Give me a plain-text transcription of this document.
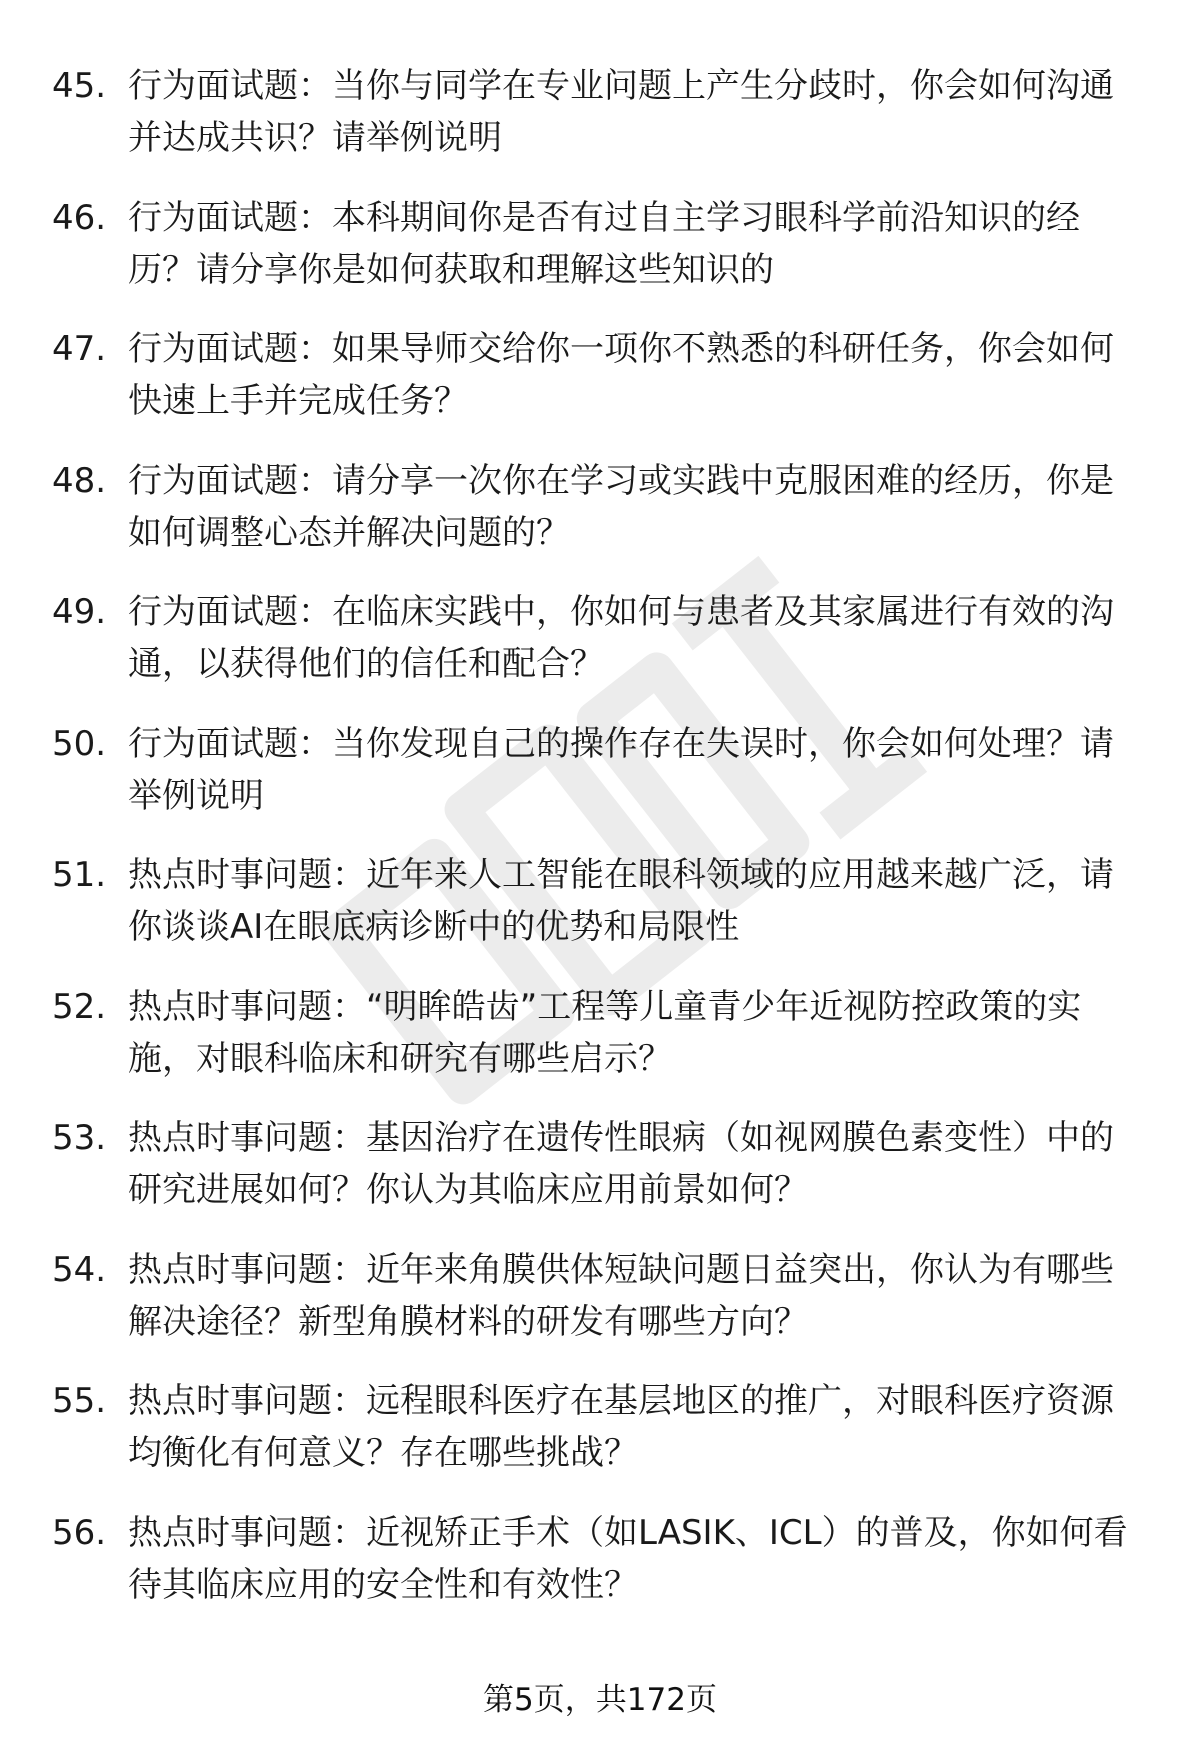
45. 行为面试题：当你与同学在专业问题上产生分歧时，你会如何沟通并达成共识？请举例说明
46. 行为面试题：本科期间你是否有过自主学习眼科学前沿知识的经历？请分享你是如何获取和理解这些知识的
47. 行为面试题：如果导师交给你一项你不熟悉的科研任务，你会如何快速上手并完成任务？
48. 行为面试题：请分享一次你在学习或实践中克服困难的经历，你是如何调整心态并解决问题的？
49. 行为面试题：在临床实践中，你如何与患者及其家属进行有效的沟通，以获得他们的信任和配合？
50. 行为面试题：当你发现自己的操作存在失误时，你会如何处理？请举例说明
51. 热点时事问题：近年来人工智能在眼科领域的应用越来越广泛，请你谈谈AI在眼底病诊断中的优势和局限性
52. 热点时事问题：“明眸皓齿”工程等儿童青少年近视防控政策的实施，对眼科临床和研究有哪些启示？
53. 热点时事问题：基因治疗在遗传性眼病（如视网膜色素变性）中的研究进展如何？你认为其临床应用前景如何？
54. 热点时事问题：近年来角膜供体短缺问题日益突出，你认为有哪些解决途径？新型角膜材料的研发有哪些方向？
55. 热点时事问题：远程眼科医疗在基层地区的推广，对眼科医疗资源均衡化有何意义？存在哪些挑战？
56. 热点时事问题：近视矫正手术（如LASIK、ICL）的普及，你如何看待其临床应用的安全性和有效性？
第5页，共172页
